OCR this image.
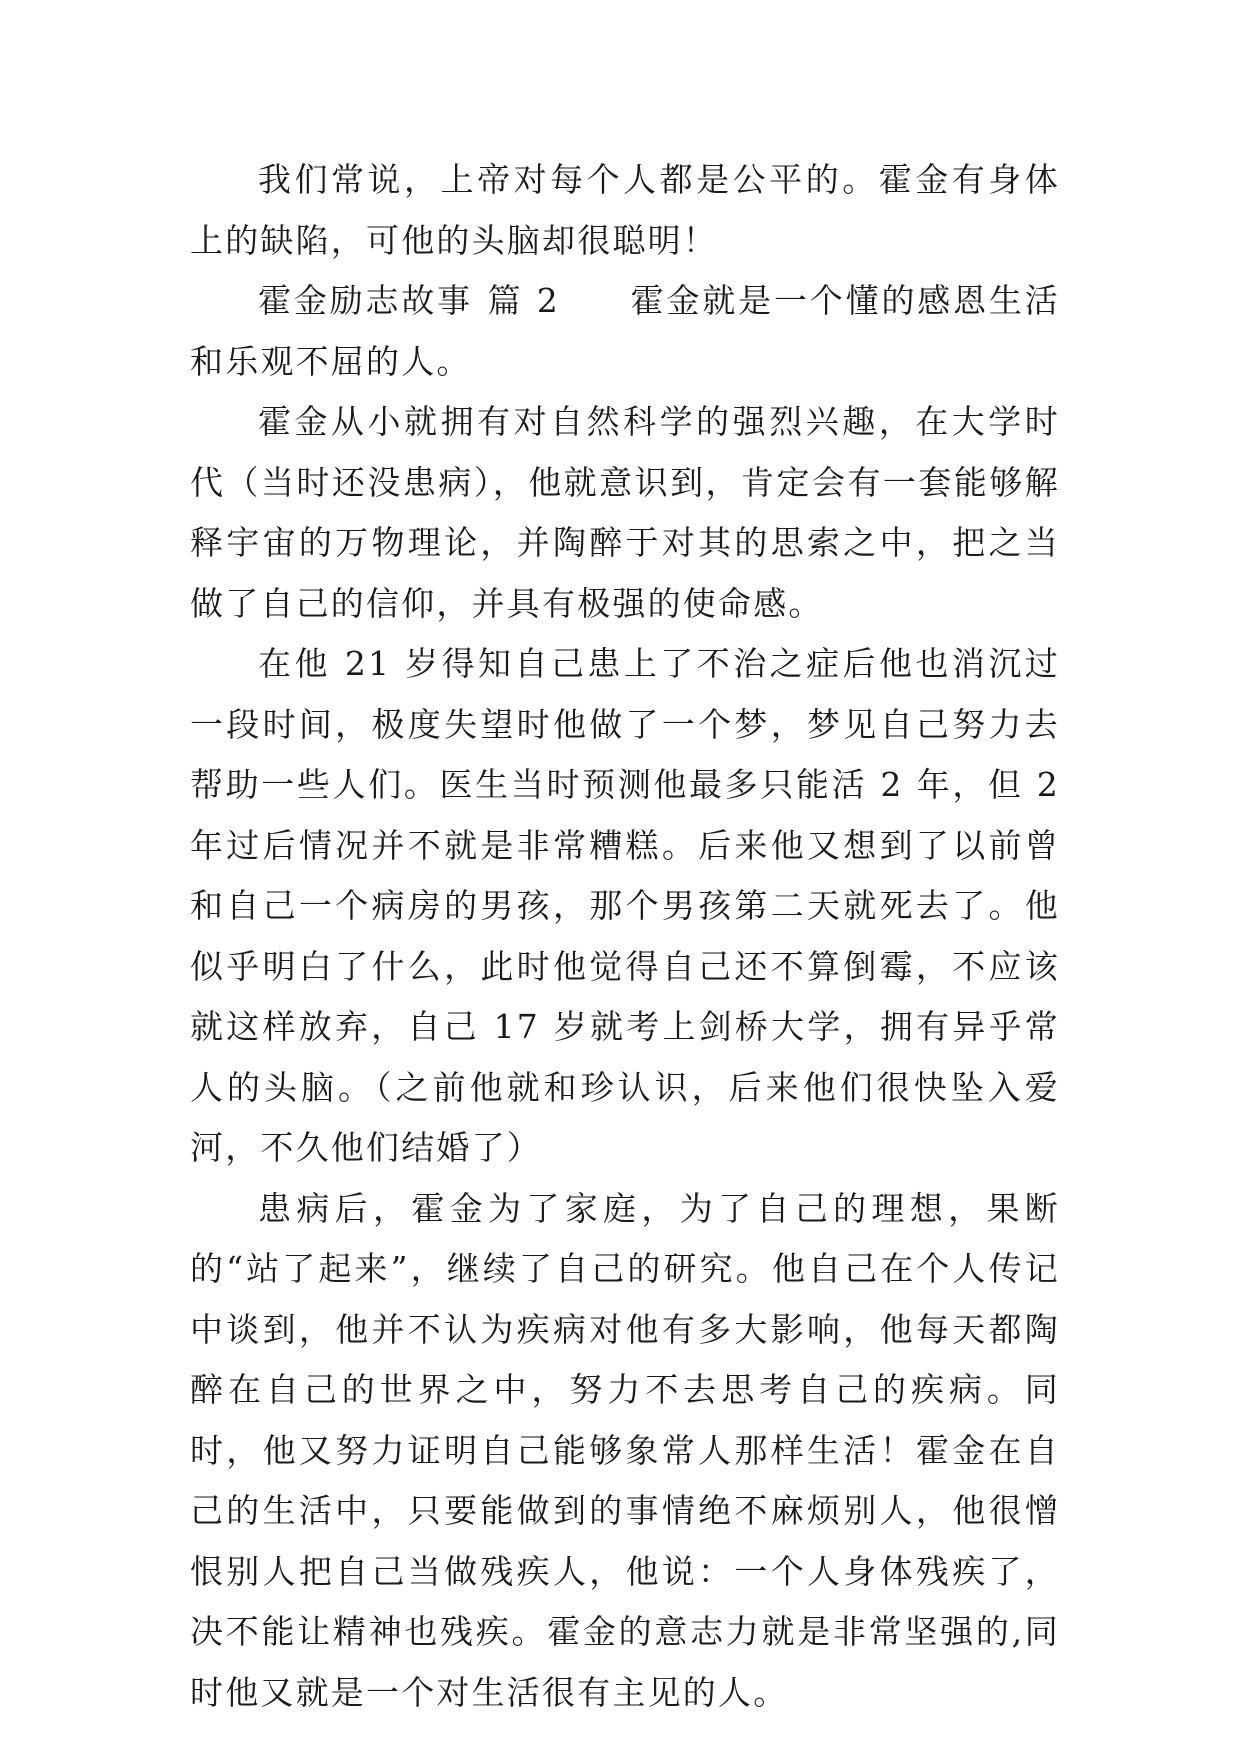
我们常说，上帝对每个人都是公平的。霍金有身体上的缺陷，可他的头脑却很聪明！

霍金励志故事 篇 2 霍金就是一个懂的感恩生活和乐观不屈的人。

霍金从小就拥有对自然科学的强烈兴趣，在大学时代（当时还没患病），他就意识到，肯定会有一套能够解释宇宙的万物理论，并陶醉于对其的思索之中，把之当做了自己的信仰，并具有极强的使命感。

在他 21 岁得知自己患上了不治之症后他也消沉过一段时间，极度失望时他做了一个梦，梦见自己努力去帮助一些人们。医生当时预测他最多只能活 2 年，但 2 年过后情况并不就是非常糟糕。后来他又想到了以前曾和自己一个病房的男孩，那个男孩第二天就死去了。他似乎明白了什么，此时他觉得自己还不算倒霉，不应该就这样放弃，自己 17 岁就考上剑桥大学，拥有异乎常人的头脑。（之前他就和珍认识，后来他们很快坠入爱河，不久他们结婚了）

患病后，霍金为了家庭，为了自己的理想，果断的“站了起来”，继续了自己的研究。他自己在个人传记中谈到，他并不认为疾病对他有多大影响，他每天都陶醉在自己的世界之中，努力不去思考自己的疾病。同时，他又努力证明自己能够象常人那样生活！霍金在自己的生活中，只要能做到的事情绝不麻烦别人，他很憎恨别人把自己当做残疾人，他说：一个人身体残疾了，决不能让精神也残疾。霍金的意志力就是非常坚强的,同时他又就是一个对生活很有主见的人。
